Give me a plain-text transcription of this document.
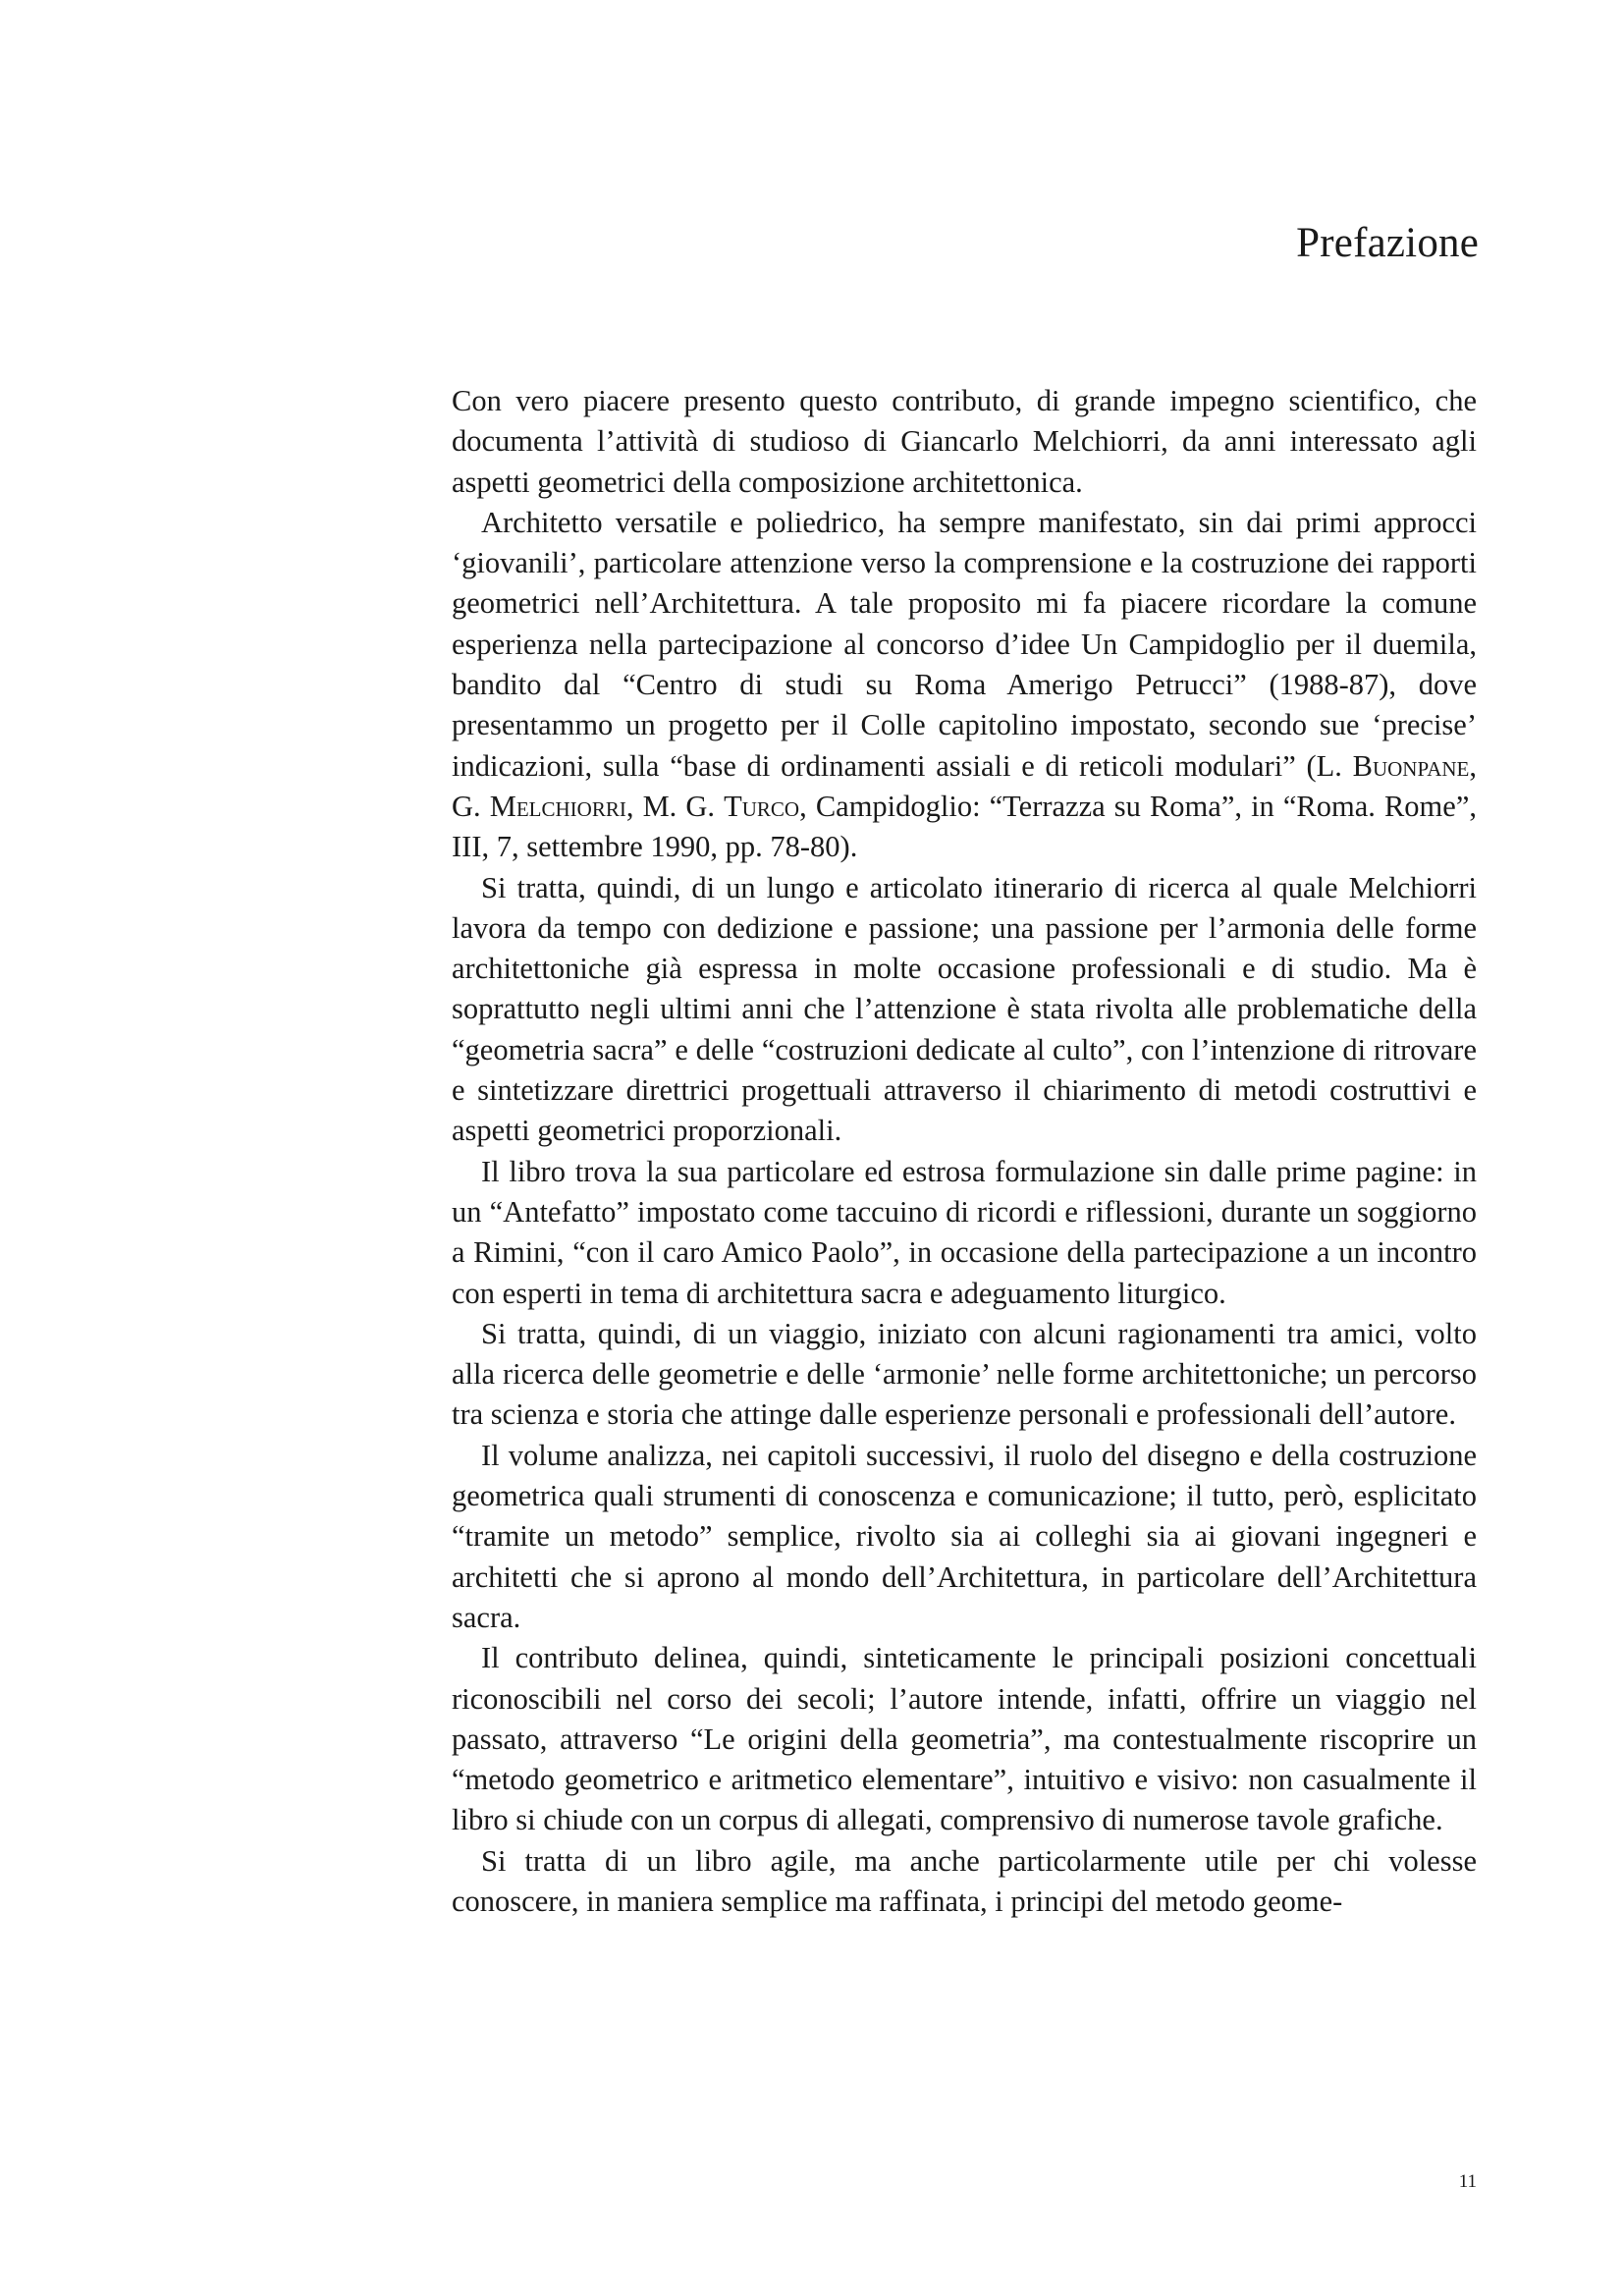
Prefazione

Con vero piacere presento questo contributo, di grande impegno scientifico, che documenta l’attività di studioso di Giancarlo Melchiorri, da anni interessato agli aspetti geometrici della composizione architettonica.

Architetto versatile e poliedrico, ha sempre manifestato, sin dai primi approcci ‘giovanili’, particolare attenzione verso la comprensione e la costruzione dei rapporti geometrici nell’Architettura. A tale proposito mi fa piacere ricordare la comune esperienza nella partecipazione al concorso d’idee Un Campidoglio per il duemila, bandito dal “Centro di studi su Roma Amerigo Petrucci” (1988-87), dove presentammo un progetto per il Colle capitolino impostato, secondo sue ‘precise’ indicazioni, sulla “base di ordinamenti assiali e di reticoli modulari” (L. Buonpane, G. Melchiorri, M. G. Turco, Campidoglio: “Terrazza su Roma”, in “Roma. Rome”, III, 7, settembre 1990, pp. 78-80).

Si tratta, quindi, di un lungo e articolato itinerario di ricerca al quale Melchiorri lavora da tempo con dedizione e passione; una passione per l’armonia delle forme architettoniche già espressa in molte occasione professionali e di studio. Ma è soprattutto negli ultimi anni che l’attenzione è stata rivolta alle problematiche della “geometria sacra” e delle “costruzioni dedicate al culto”, con l’intenzione di ritrovare e sintetizzare direttrici progettuali attraverso il chiarimento di metodi costruttivi e aspetti geometrici proporzionali.

Il libro trova la sua particolare ed estrosa formulazione sin dalle prime pagine: in un “Antefatto” impostato come taccuino di ricordi e riflessioni, durante un soggiorno a Rimini, “con il caro Amico Paolo”, in occasione della partecipazione a un incontro con esperti in tema di architettura sacra e adeguamento liturgico.

Si tratta, quindi, di un viaggio, iniziato con alcuni ragionamenti tra amici, volto alla ricerca delle geometrie e delle ‘armonie’ nelle forme architettoniche; un percorso tra scienza e storia che attinge dalle esperienze personali e professionali dell’autore.

Il volume analizza, nei capitoli successivi, il ruolo del disegno e della costruzione geometrica quali strumenti di conoscenza e comunicazione; il tutto, però, esplicitato “tramite un metodo” semplice, rivolto sia ai colleghi sia ai giovani ingegneri e architetti che si aprono al mondo dell’Architettura, in particolare dell’Architettura sacra.

Il contributo delinea, quindi, sinteticamente le principali posizioni concettuali riconoscibili nel corso dei secoli; l’autore intende, infatti, offrire un viaggio nel passato, attraverso “Le origini della geometria”, ma contestualmente riscoprire un “metodo geometrico e aritmetico elementare”, intuitivo e visivo: non casualmente il libro si chiude con un corpus di allegati, comprensivo di numerose tavole grafiche.

Si tratta di un libro agile, ma anche particolarmente utile per chi volesse conoscere, in maniera semplice ma raffinata, i principi del metodo geome-

11
